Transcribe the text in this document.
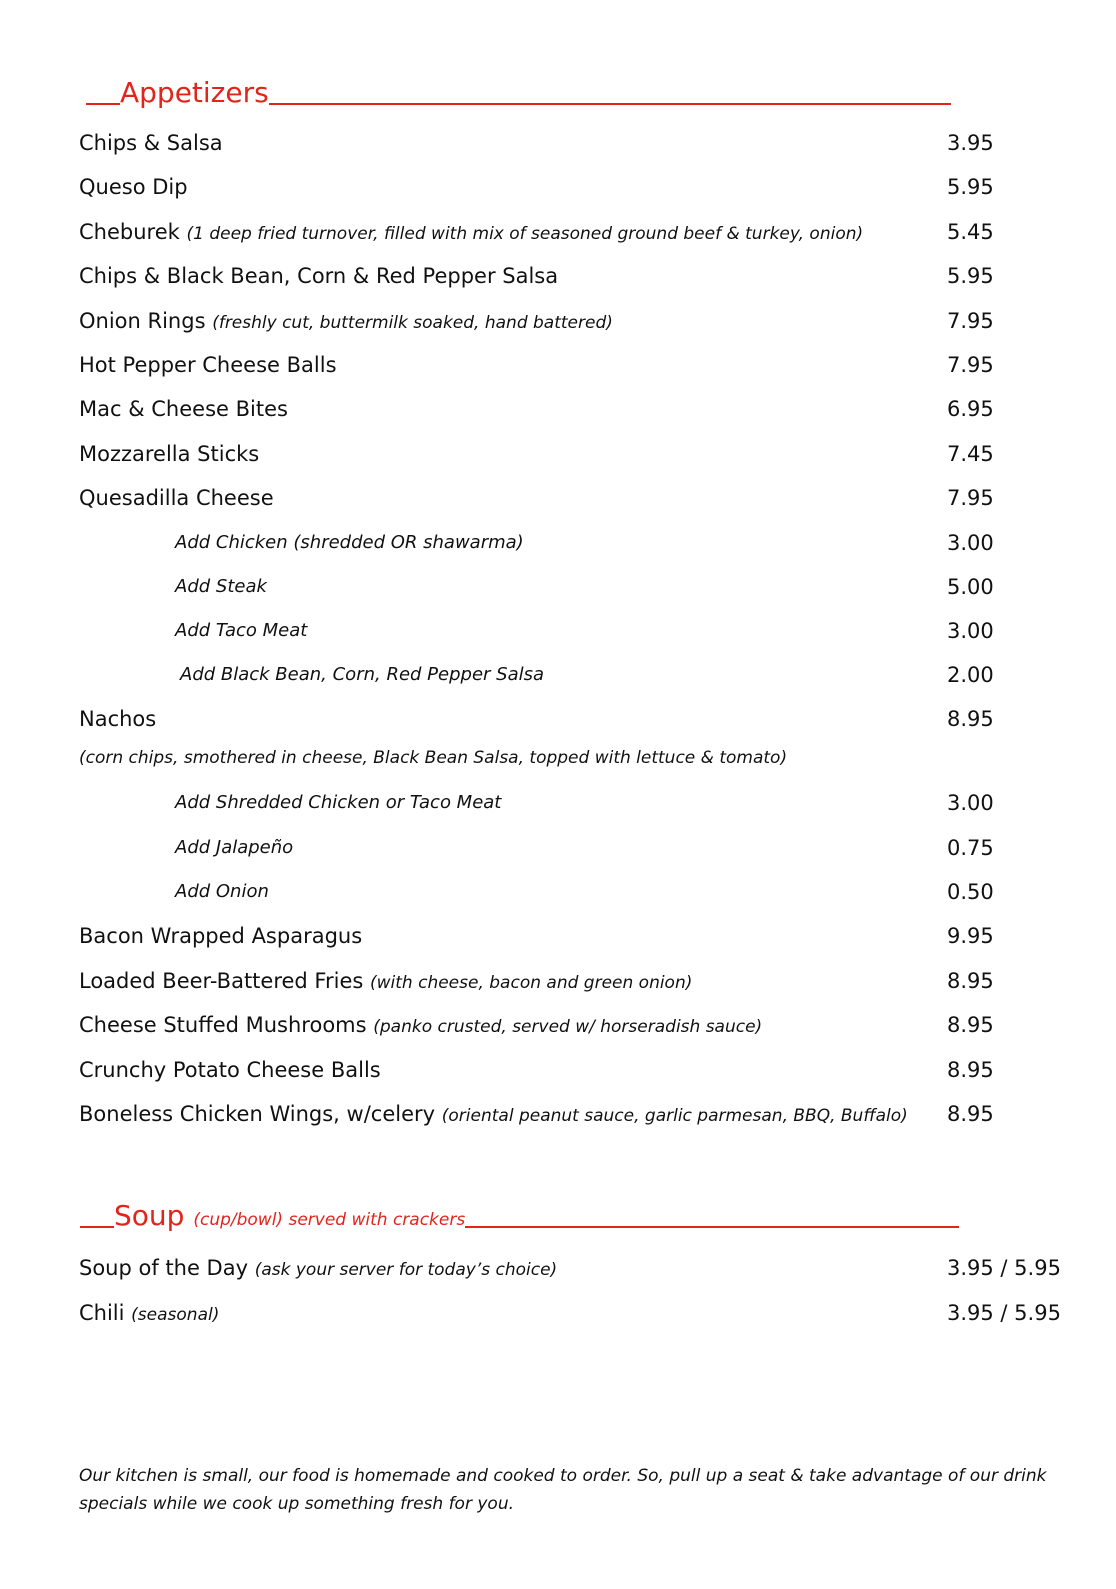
Appetizers
Chips & Salsa	3.95
Queso Dip	5.95
Cheburek (1 deep fried turnover, filled with mix of seasoned ground beef & turkey, onion)	5.45
Chips & Black Bean, Corn & Red Pepper Salsa	5.95
Onion Rings (freshly cut, buttermilk soaked, hand battered)	7.95
Hot Pepper Cheese Balls	7.95
Mac & Cheese Bites	6.95
Mozzarella Sticks	7.45
Quesadilla Cheese	7.95
Add Chicken (shredded OR shawarma)	3.00
Add Steak	5.00
Add Taco Meat	3.00
Add Black Bean, Corn, Red Pepper Salsa	2.00
Nachos	8.95
(corn chips, smothered in cheese, Black Bean Salsa, topped with lettuce & tomato)
Add Shredded Chicken or Taco Meat	3.00
Add Jalapeño	0.75
Add Onion	0.50
Bacon Wrapped Asparagus	9.95
Loaded Beer-Battered Fries (with cheese, bacon and green onion)	8.95
Cheese Stuffed Mushrooms (panko crusted, served w/ horseradish sauce)	8.95
Crunchy Potato Cheese Balls	8.95
Boneless Chicken Wings, w/celery (oriental peanut sauce, garlic parmesan, BBQ, Buffalo) 8.95
Soup (cup/bowl) served with crackers
Soup of the Day (ask your server for today’s choice)	3.95 / 5.95
Chili (seasonal)	3.95 / 5.95
Our kitchen is small, our food is homemade and cooked to order. So, pull up a seat & take advantage of our drink
specials while we cook up something fresh for you.
